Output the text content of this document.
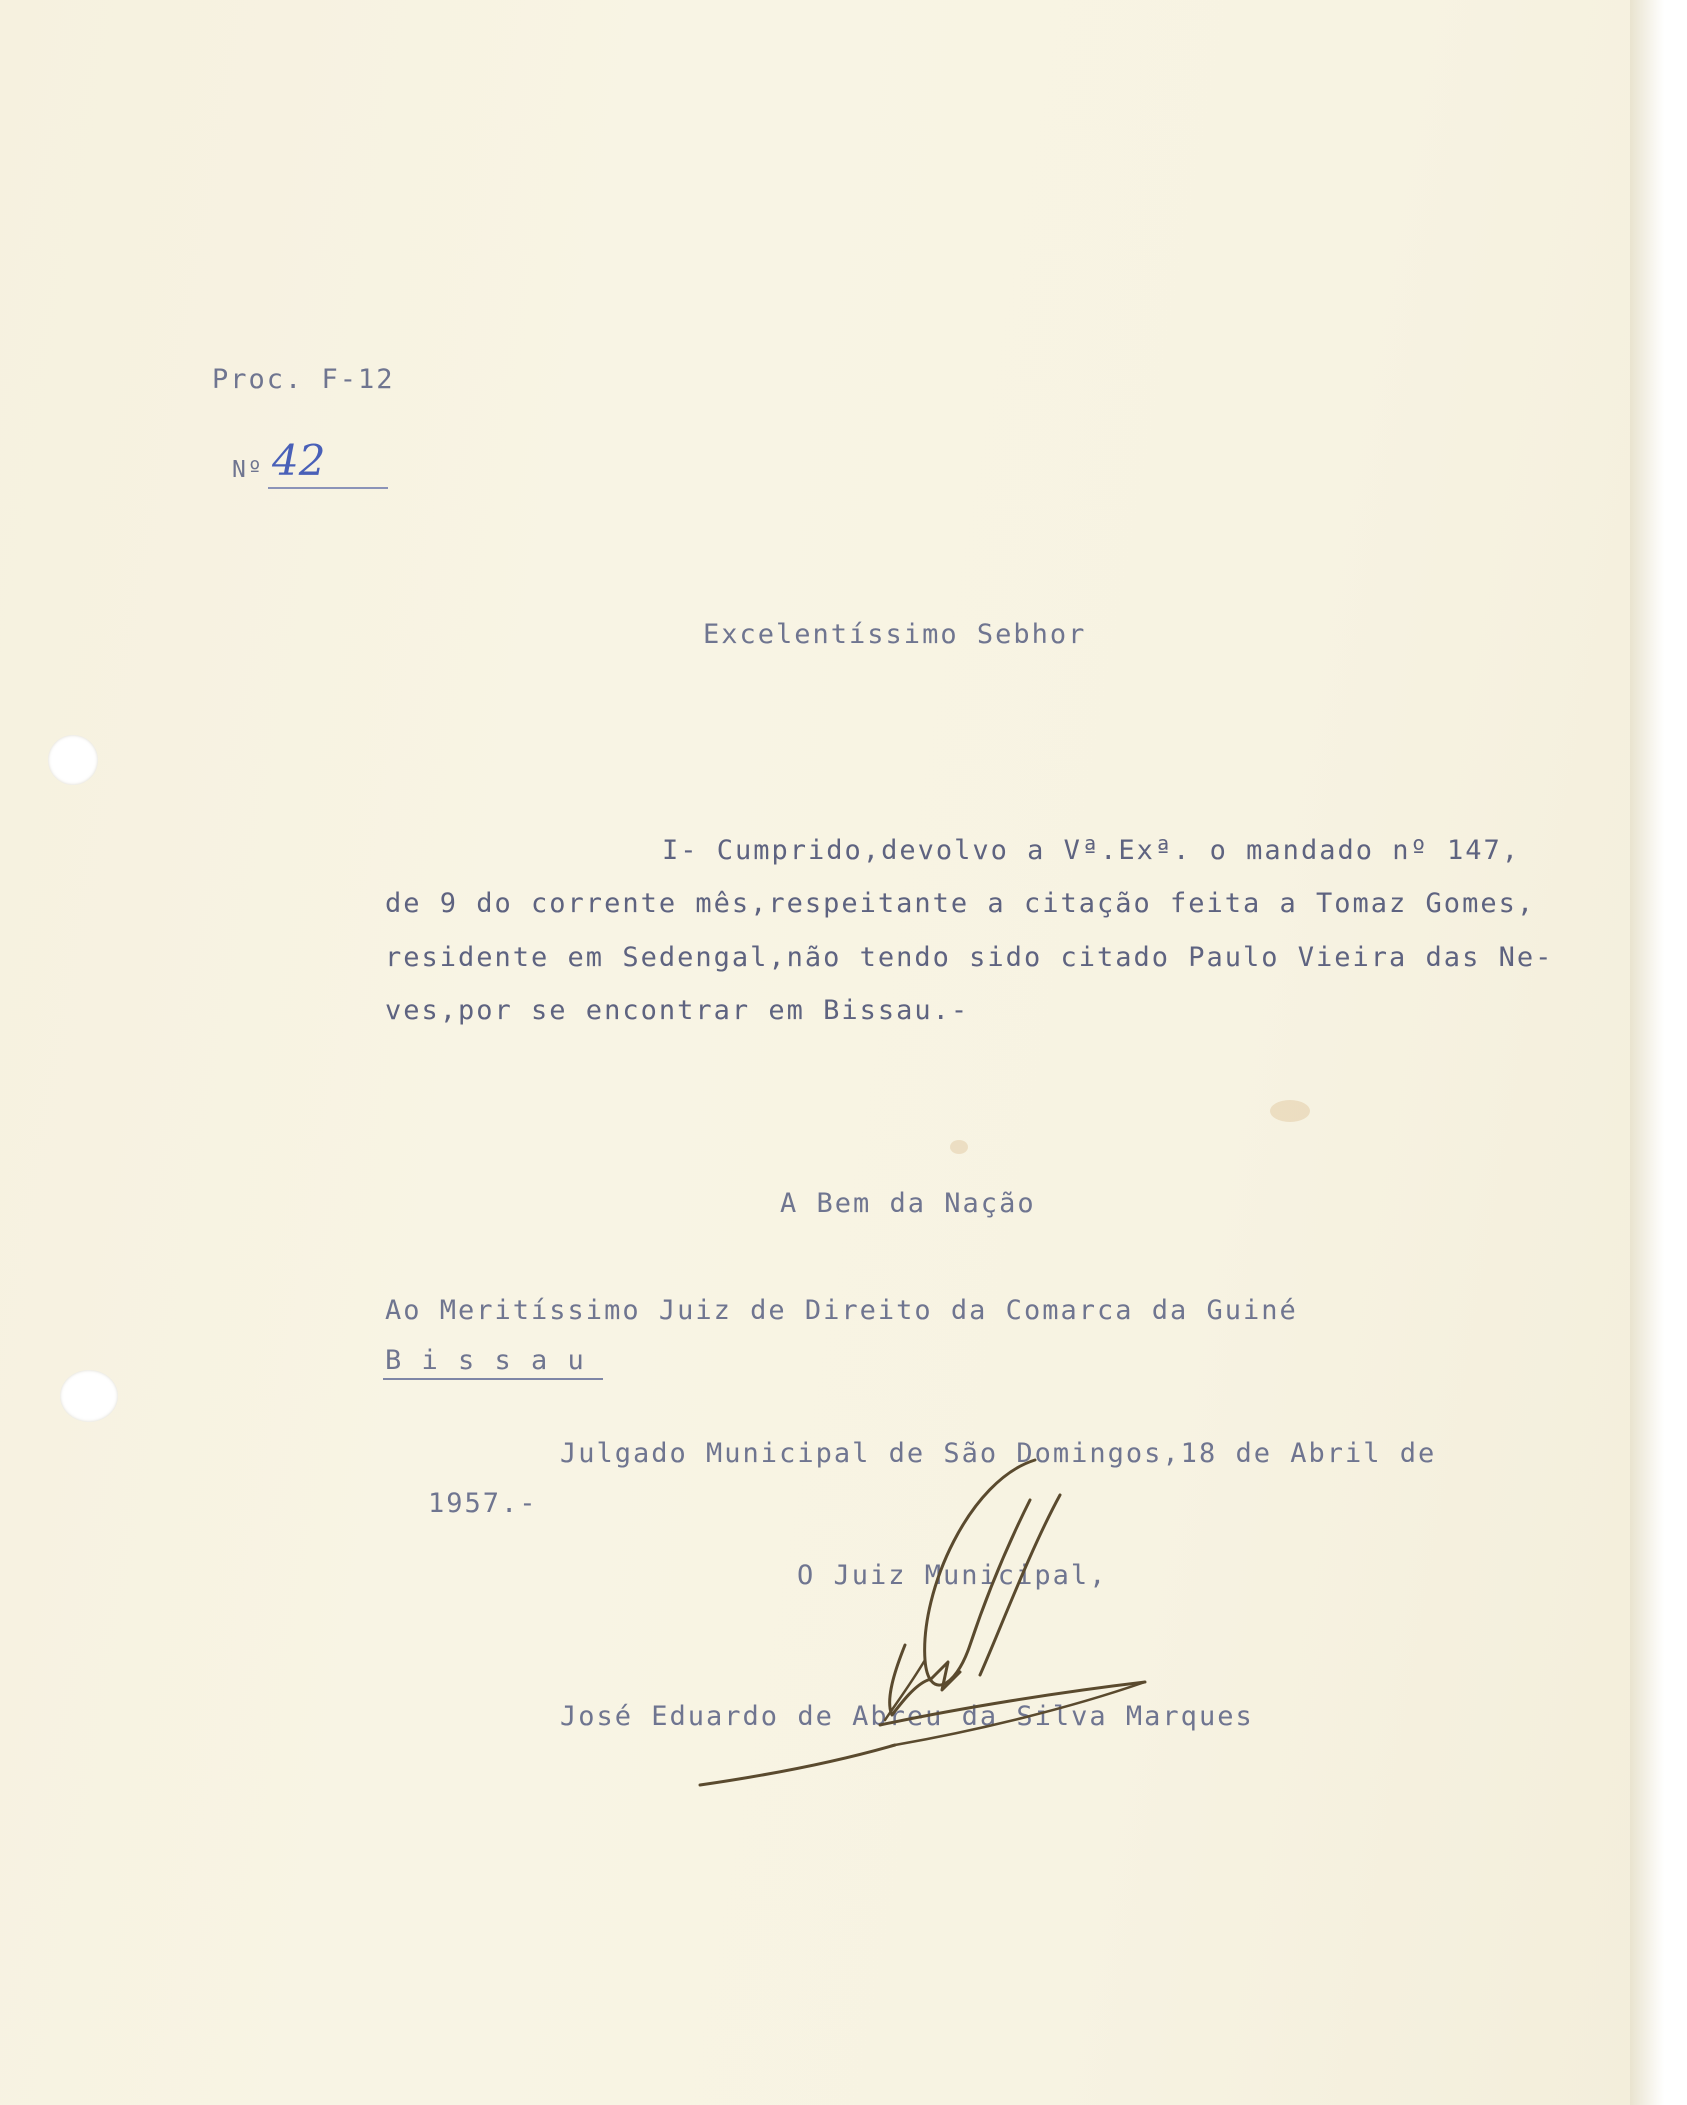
Proc. F-12
Nº 42
Excelentíssimo Sebhor
I- Cumprido,devolvo a Vª.Exª. o mandado nº 147,
de 9 do corrente mês,respeitante a citação feita a Tomaz Gomes,
residente em Sedengal,não tendo sido citado Paulo Vieira das Ne-
ves,por se encontrar em Bissau.-
A Bem da Nação
Ao Meritíssimo Juiz de Direito da Comarca da Guiné
B i s s a u
Julgado Municipal de São Domingos,18 de Abril de
1957.-
O Juiz Municipal,
José Eduardo de Abreu da Silva Marques
